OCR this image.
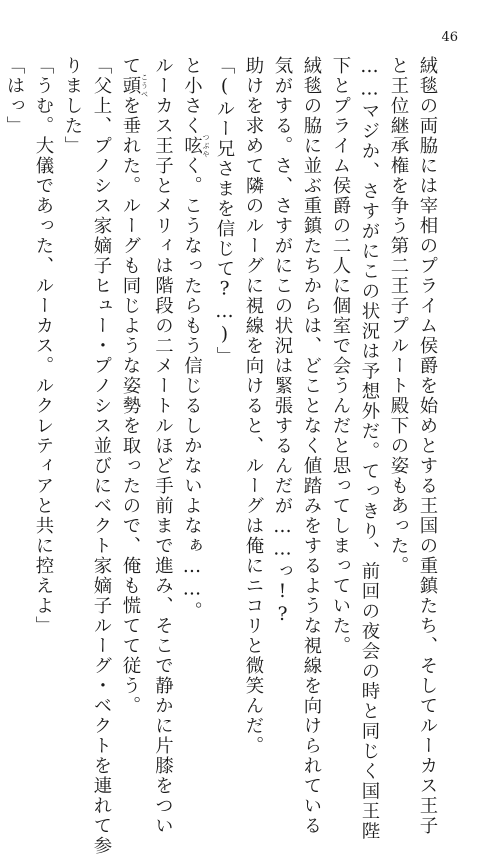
46
絨毯の両脇には宰相のプライム侯爵を始めとする王国の重鎮たち、そしてルーカス王子
と王位継承権を争う第二王子プルート殿下の姿もあった。
……マジか、さすがにこの状況は予想外だ。てっきり、前回の夜会の時と同じく国王陛
下とプライム侯爵の二人に個室で会うんだと思ってしまっていた。
絨毯の脇に並ぶ重鎮たちからは、どことなく値踏みをするような視線を向けられている
気がする。さ、さすがにこの状況は緊張するんだが……っ!?
助けを求めて隣のルーグに視線を向けると、ルーグは俺にニコリと微笑んだ。
「(ルー兄さまを信じて?…)」
と小さく呟 つぶやく。こうなったらもう信じるしかないよなぁ……。
ルーカス王子とメリィは階段の二メートルほど手前まで進み、そこで静かに片膝をつい
て頭 こうべを垂れた。ルーグも同じような姿勢を取ったので、俺も慌てて従う。
「父上、プノシス家嫡子ヒュー・プノシス並びにベクト家嫡子ルーグ・ベクトを連れて参
りました」
「うむ。大儀であった、ルーカス。ルクレティアと共に控えよ」
「はっ」
